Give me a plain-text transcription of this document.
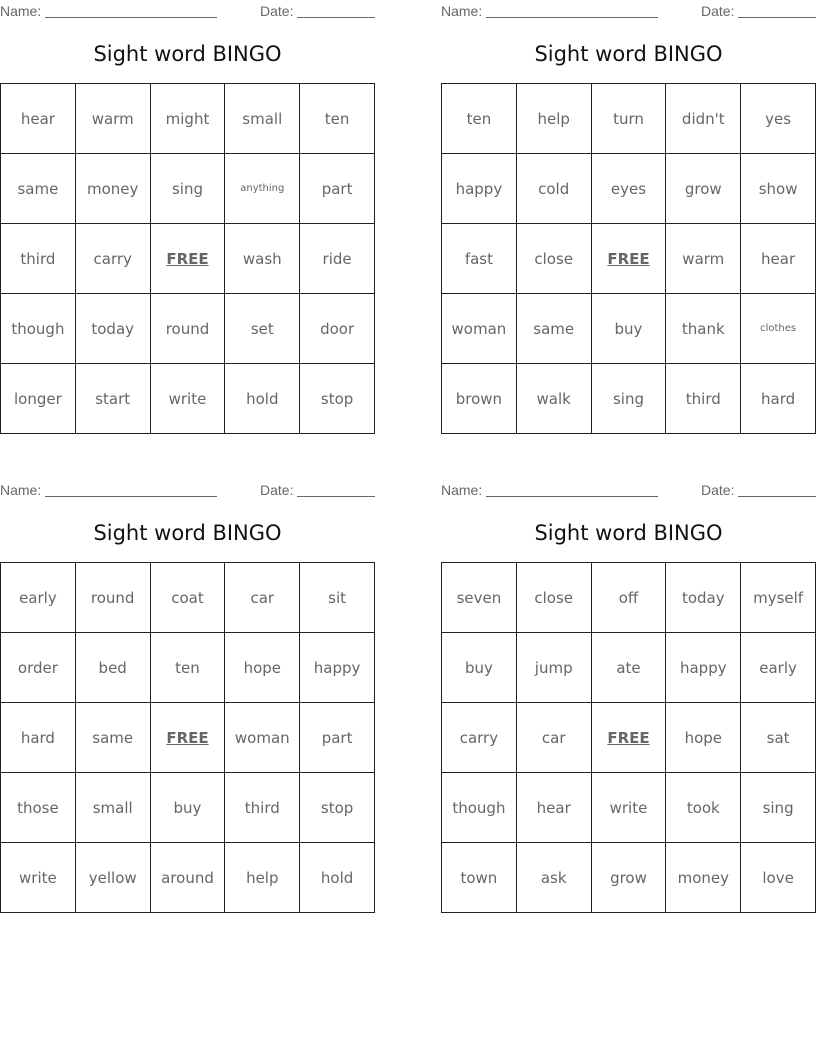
Name:	Date:
Sight word BINGO
hear	warm	might	small	ten
same	money	sing	anything	part
third	carry	FREE	wash	ride
though	today	round	set	door
longer	start	write	hold	stop
Name:	Date:
Sight word BINGO
ten	help	turn	didn't	yes
happy	cold	eyes	grow	show
fast	close	FREE	warm	hear
woman	same	buy	thank	clothes
brown	walk	sing	third	hard
Name:	Date:
Sight word BINGO
early	round	coat	car	sit
order	bed	ten	hope	happy
hard	same	FREE	woman	part
those	small	buy	third	stop
write	yellow	around	help	hold
Name:	Date:
Sight word BINGO
seven	close	off	today	myself
buy	jump	ate	happy	early
carry	car	FREE	hope	sat
though	hear	write	took	sing
town	ask	grow	money	love
